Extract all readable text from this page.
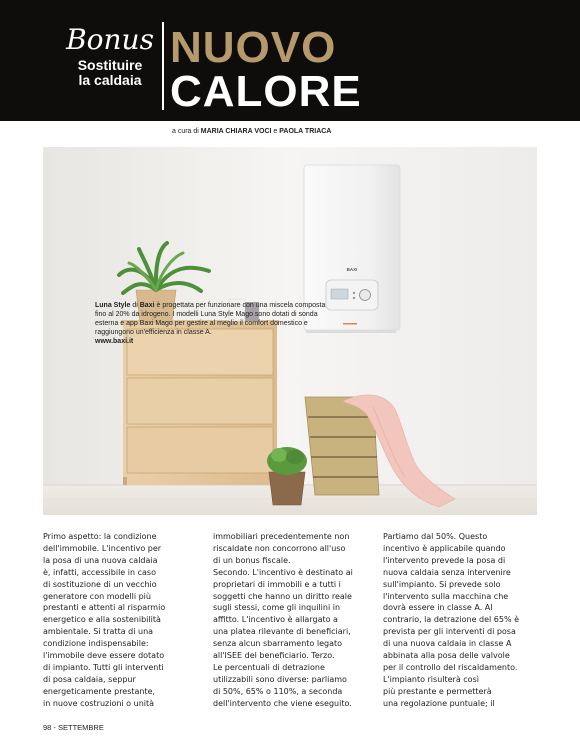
Bonus
Sostituire
la caldaia
NUOVO
CALORE
a cura di MARIA CHIARA VOCI e PAOLA TRIACA
BAXI
Luna Style di Baxi è progettata per funzionare con una miscela composta fino al 20% da idrogeno. I modelli Luna Style Mago sono dotati di sonda esterna e app Baxi Mago per gestire al meglio il comfort domestico e raggiungono un'efficienza in classe A.
www.baxi.it
Primo aspetto: la condizione
dell'immobile. L'incentivo per
la posa di una nuova caldaia
è, infatti, accessibile in caso
di sostituzione di un vecchio
generatore con modelli più
prestanti e attenti al risparmio
energetico e alla sostenibilità
ambientale. Si tratta di una
condizione indispensabile:
l'immobile deve essere dotato
di impianto. Tutti gli interventi
di posa caldaia, seppur
energeticamente prestante,
in nuove costruzioni o unità
immobiliari precedentemente non
riscaldate non concorrono all'uso
di un bonus fiscale.
Secondo. L'incentivo è destinato ai
proprietari di immobili e a tutti i
soggetti che hanno un diritto reale
sugli stessi, come gli inquilini in
affitto. L'incentivo è allargato a
una platea rilevante di beneficiari,
senza alcun sbarramento legato
all'ISEE del beneficiario. Terzo.
Le percentuali di detrazione
utilizzabili sono diverse: parliamo
di 50%, 65% o 110%, a seconda
dell'intervento che viene eseguito.
Partiamo dal 50%. Questo
incentivo è applicabile quando
l'intervento prevede la posa di
nuova caldaia senza intervenire
sull'impianto. Si prevede solo
l'intervento sulla macchina che
dovrà essere in classe A. Al
contrario, la detrazione del 65% è
prevista per gli interventi di posa
di una nuova caldaia in classe A
abbinata alla posa delle valvole
per il controllo del riscaldamento.
L'impianto risulterà così
più prestante e permetterà
una regolazione puntuale; il
98 - SETTEMBRE
